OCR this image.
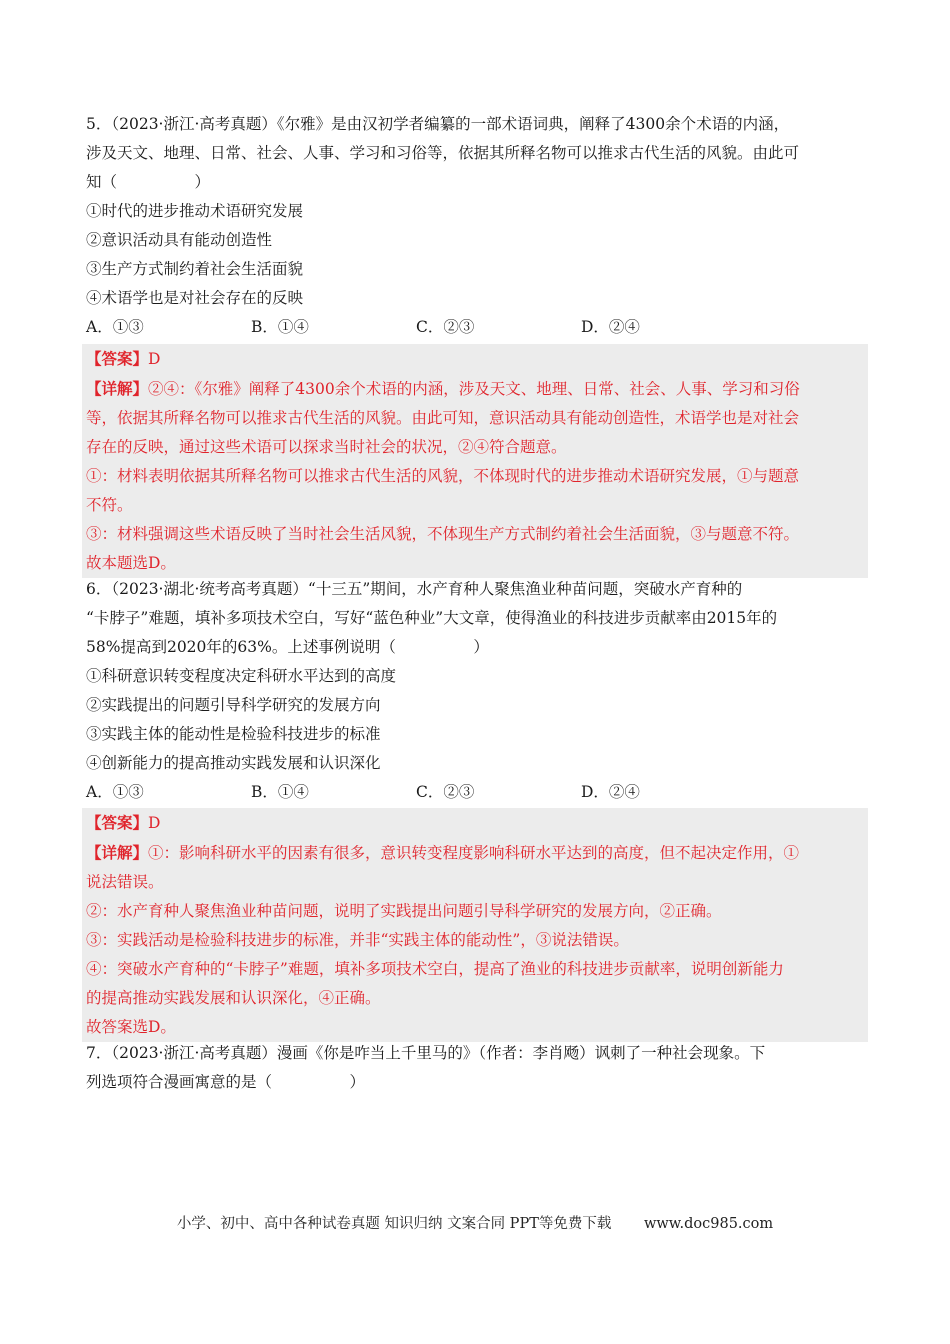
5．（2023·浙江·高考真题）《尔雅》是由汉初学者编纂的一部术语词典，阐释了4300余个术语的内涵，
涉及天文、地理、日常、社会、人事、学习和习俗等，依据其所释名物可以推求古代生活的风貌。由此可
知（　　　　　）
①时代的进步推动术语研究发展
②意识活动具有能动创造性
③生产方式制约着社会生活面貌
④术语学也是对社会存在的反映
A．①③	B．①④	C．②③	D．②④
【答案】D
【详解】②④：《尔雅》阐释了4300余个术语的内涵，涉及天文、地理、日常、社会、人事、学习和习俗
等，依据其所释名物可以推求古代生活的风貌。由此可知，意识活动具有能动创造性，术语学也是对社会
存在的反映，通过这些术语可以探求当时社会的状况，②④符合题意。
①：材料表明依据其所释名物可以推求古代生活的风貌，不体现时代的进步推动术语研究发展，①与题意
不符。
③：材料强调这些术语反映了当时社会生活风貌，不体现生产方式制约着社会生活面貌，③与题意不符。
故本题选D。
6．（2023·湖北·统考高考真题）“十三五”期间，水产育种人聚焦渔业种苗问题，突破水产育种的
“卡脖子”难题，填补多项技术空白，写好“蓝色种业”大文章，使得渔业的科技进步贡献率由2015年的
58%提高到2020年的63%。上述事例说明（　　　　　）
①科研意识转变程度决定科研水平达到的高度
②实践提出的问题引导科学研究的发展方向
③实践主体的能动性是检验科技进步的标准
④创新能力的提高推动实践发展和认识深化
A．①③	B．①④	C．②③	D．②④
【答案】D
【详解】①：影响科研水平的因素有很多，意识转变程度影响科研水平达到的高度，但不起决定作用，①
说法错误。
②：水产育种人聚焦渔业种苗问题，说明了实践提出问题引导科学研究的发展方向，②正确。
③：实践活动是检验科技进步的标准，并非“实践主体的能动性”，③说法错误。
④：突破水产育种的“卡脖子”难题，填补多项技术空白，提高了渔业的科技进步贡献率，说明创新能力
的提高推动实践发展和认识深化，④正确。
故答案选D。
7．（2023·浙江·高考真题）漫画《你是咋当上千里马的》（作者：李肖飏）讽刺了一种社会现象。下
列选项符合漫画寓意的是（　　　　　）
小学、初中、高中各种试卷真题 知识归纳 文案合同 PPT等免费下载 www.doc985.com
